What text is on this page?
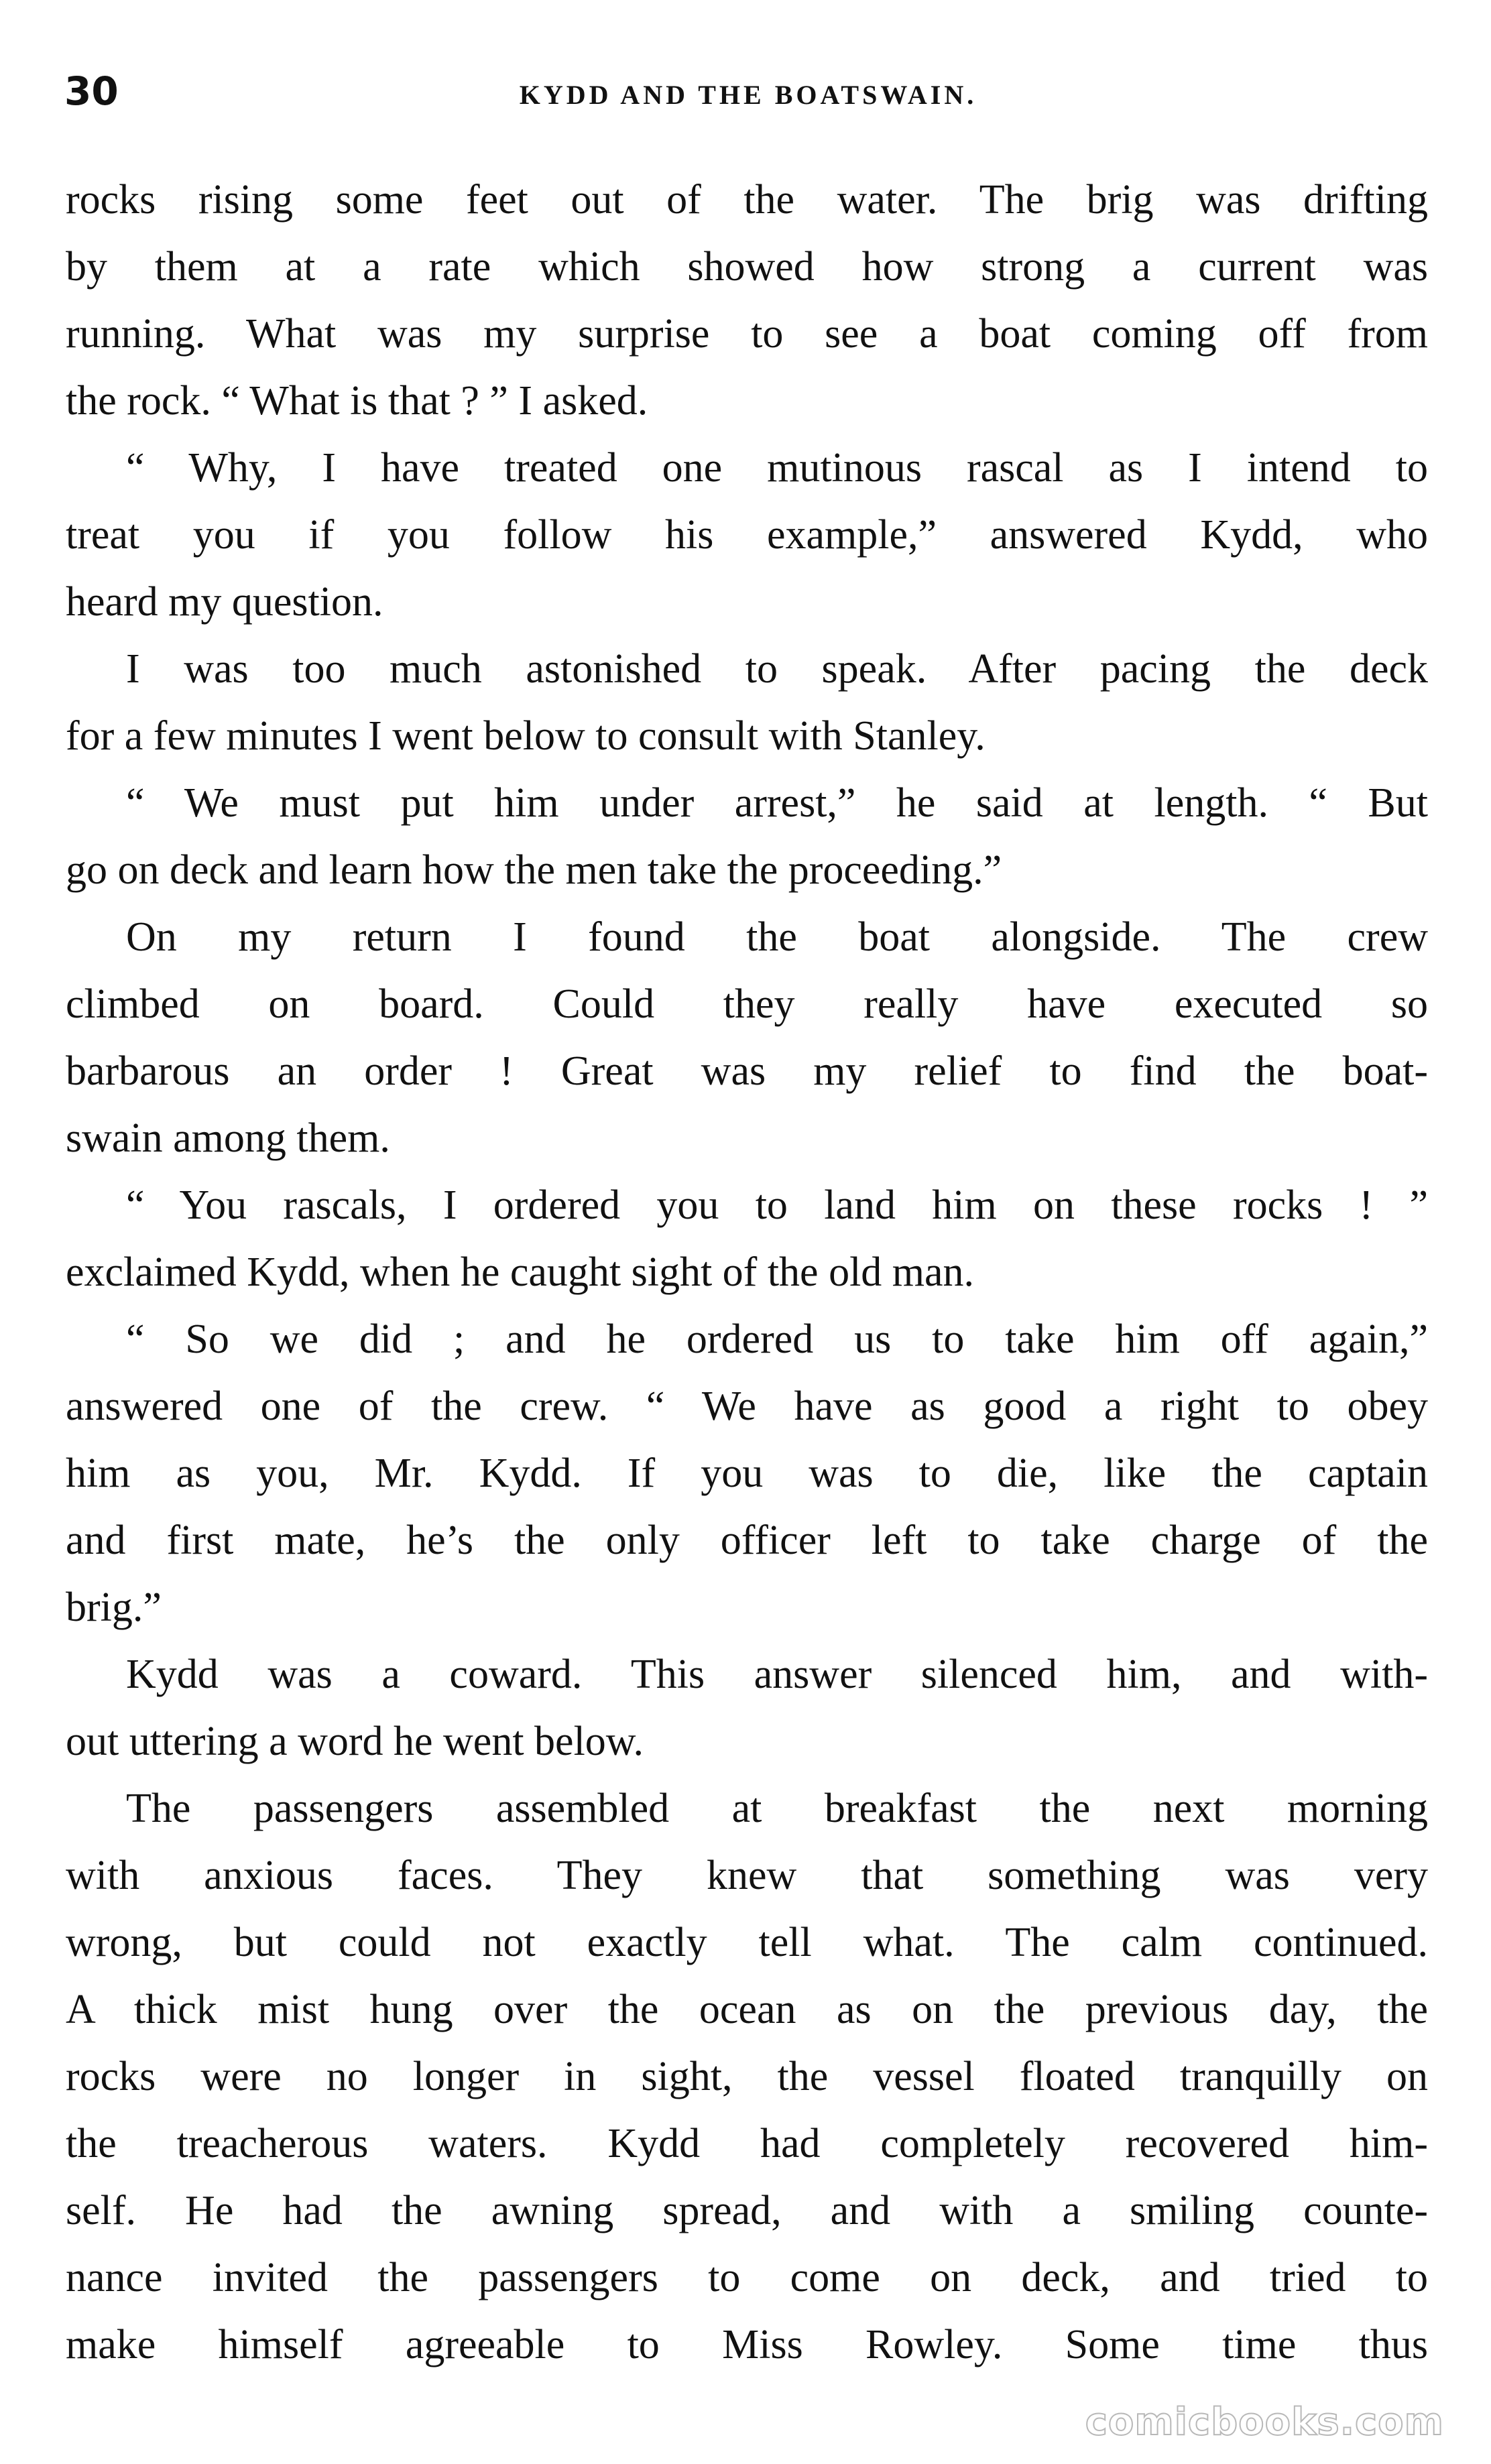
30	KYDD AND THE BOATSWAIN.
rocks rising some feet out of the water. The brig was drifting
by them at a rate which showed how strong a current was
running. What was my surprise to see a boat coming off from
the rock. “ What is that ? ” I asked.
“ Why, I have treated one mutinous rascal as I intend to
treat you if you follow his example,” answered Kydd, who
heard my question.
I was too much astonished to speak. After pacing the deck
for a few minutes I went below to consult with Stanley.
“ We must put him under arrest,” he said at length. “ But
go on deck and learn how the men take the proceeding.”
On my return I found the boat alongside. The crew
climbed on board. Could they really have executed so
barbarous an order ! Great was my relief to find the boat-
swain among them.
“ You rascals, I ordered you to land him on these rocks ! ”
exclaimed Kydd, when he caught sight of the old man.
“ So we did ; and he ordered us to take him off again,”
answered one of the crew. “ We have as good a right to obey
him as you, Mr. Kydd. If you was to die, like the captain
and first mate, he’s the only officer left to take charge of the
brig.”
Kydd was a coward. This answer silenced him, and with-
out uttering a word he went below.
The passengers assembled at breakfast the next morning
with anxious faces. They knew that something was very
wrong, but could not exactly tell what. The calm continued.
A thick mist hung over the ocean as on the previous day, the
rocks were no longer in sight, the vessel floated tranquilly on
the treacherous waters. Kydd had completely recovered him-
self. He had the awning spread, and with a smiling counte-
nance invited the passengers to come on deck, and tried to
make himself agreeable to Miss Rowley. Some time thus
comicbooks.com
